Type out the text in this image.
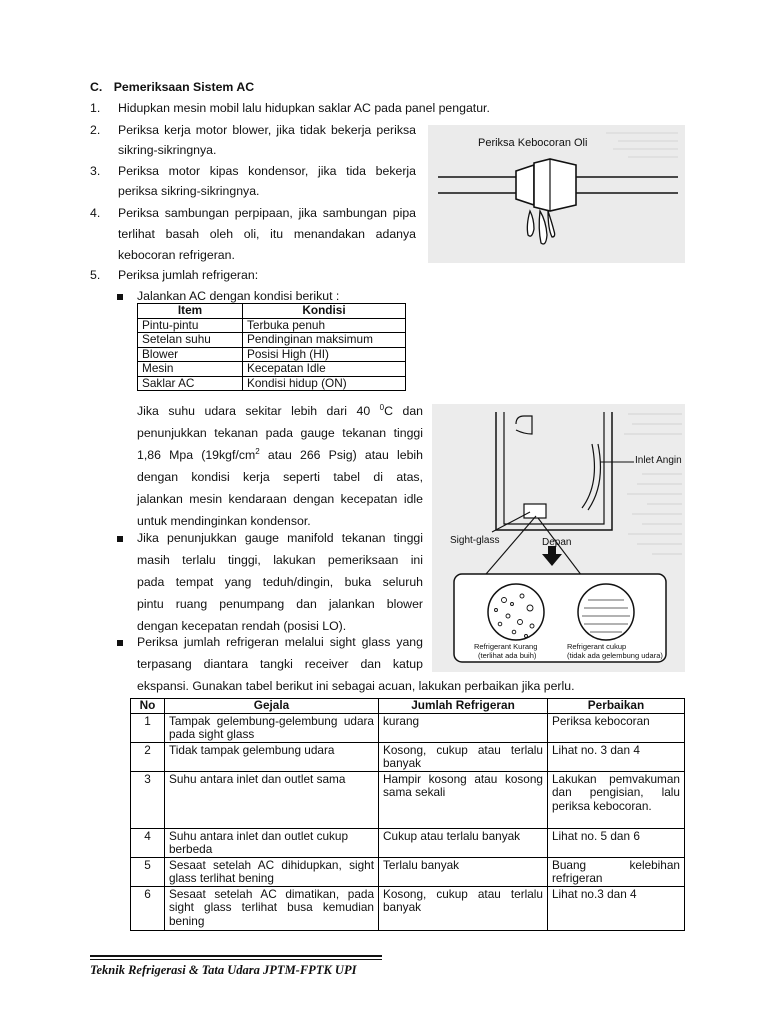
C. Pemeriksaan Sistem AC
1.	Hidupkan mesin mobil lalu hidupkan saklar AC pada panel pengatur.
2.	Periksa kerja motor blower, jika tidak bekerja periksa
sikring-sikringnya.
3.	Periksa motor kipas kondensor, jika tida bekerja
periksa sikring-sikringnya.
4.	Periksa sambungan perpipaan, jika sambungan pipa
terlihat basah oleh oli, itu menandakan adanya
kebocoran refrigeran.
5.	Periksa jumlah refrigeran:
Jalankan AC dengan kondisi berikut :
Item	Kondisi
Pintu-pintu	Terbuka penuh
Setelan suhu	Pendinginan maksimum
Blower	Posisi High (HI)
Mesin	Kecepatan Idle
Saklar AC	Kondisi hidup (ON)
Jika suhu udara sekitar lebih dari 40 $^0$C dan
penunjukkan tekanan pada gauge tekanan tinggi
1,86 Mpa ($19kgf/cm^2$ atau 266 Psig) atau lebih
dengan kondisi kerja seperti tabel di atas,
jalankan mesin kendaraan dengan kecepatan idle
untuk mendinginkan kondensor.
Jika penunjukkan gauge manifold tekanan tinggi
masih terlalu tinggi, lakukan pemeriksaan ini
pada tempat yang teduh/dingin, buka seluruh
pintu ruang penumpang dan jalankan blower
dengan kecepatan rendah (posisi LO).
Periksa jumlah refrigeran melalui sight glass yang
terpasang diantara tangki receiver dan katup
ekspansi. Gunakan tabel berikut ini sebagai acuan, lakukan perbaikan jika perlu.
Periksa Kebocoran Oli
Inlet Angin
Sight-glass	Depan
Refrigerant Kurang
(terlihat ada buih)
Refrigerant cukup
(tidak ada gelembung udara)
No	Gejala	Jumlah Refrigeran	Perbaikan
1	Tampak gelembung-gelembung udara pada sight glass	kurang	Periksa kebocoran
2	Tidak tampak gelembung udara	Kosong, cukup atau terlalu banyak	Lihat no. 3 dan 4
3	Suhu antara inlet dan outlet sama	Hampir kosong atau kosong sama sekali	Lakukan pemvakuman dan pengisian, lalu periksa kebocoran.
4	Suhu antara inlet dan outlet cukup berbeda	Cukup atau terlalu banyak	Lihat no. 5 dan 6
5	Sesaat setelah AC dihidupkan, sight glass terlihat bening	Terlalu banyak	Buang kelebihan refrigeran
6	Sesaat setelah AC dimatikan, pada sight glass terlihat busa kemudian bening	Kosong, cukup atau terlalu banyak	Lihat no.3 dan 4
Teknik Refrigerasi & Tata Udara JPTM-FPTK UPI
